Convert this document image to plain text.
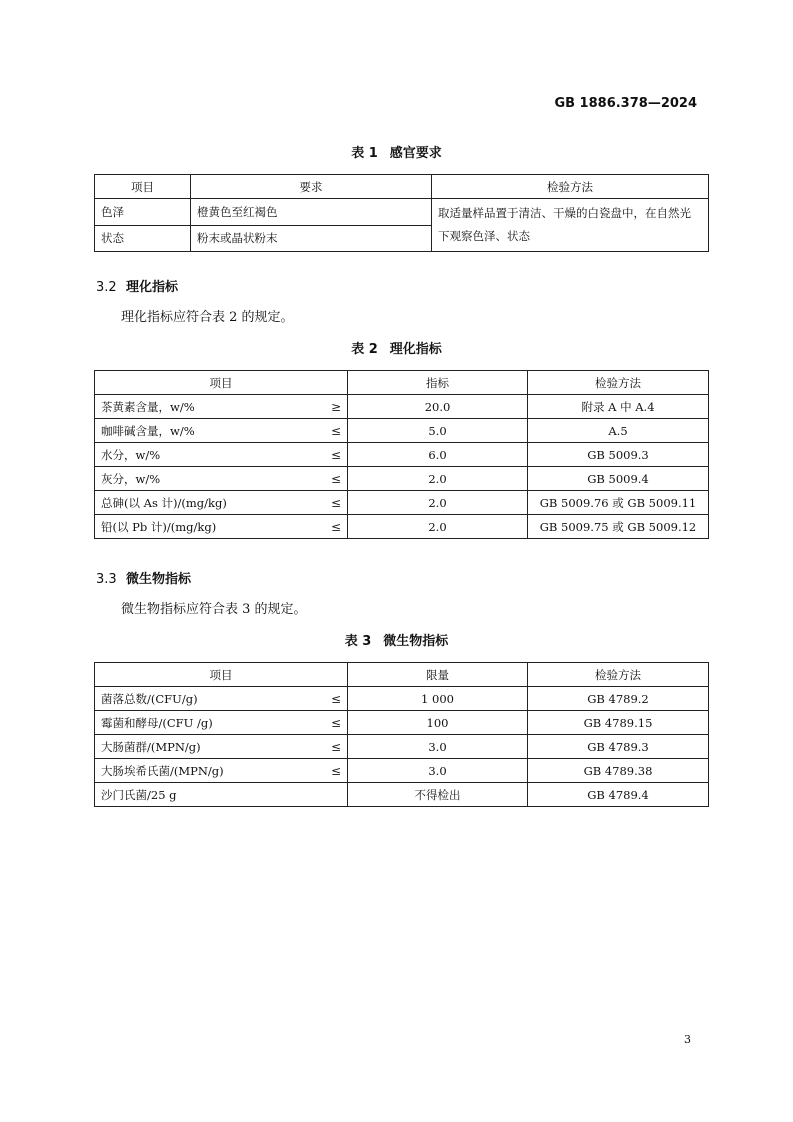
GB 1886.378—2024
表 1 感官要求
项目	要求	检验方法
色泽	橙黄色至红褐色	取适量样品置于清洁、干燥的白瓷盘中，在自然光下观察色泽、状态
状态	粉末或晶状粉末	
3.2 理化指标
理化指标应符合表 2 的规定。
表 2 理化指标
项目	指标	检验方法
茶黄素含量，w/% ≥	20.0	附录 A 中 A.4
咖啡碱含量，w/% ≤	5.0	A.5
水分，w/% ≤	6.0	GB 5009.3
灰分，w/% ≤	2.0	GB 5009.4
总砷(以 As 计)/(mg/kg) ≤	2.0	GB 5009.76 或 GB 5009.11
铅(以 Pb 计)/(mg/kg) ≤	2.0	GB 5009.75 或 GB 5009.12
3.3 微生物指标
微生物指标应符合表 3 的规定。
表 3 微生物指标
项目	限量	检验方法
菌落总数/(CFU/g) ≤	1 000	GB 4789.2
霉菌和酵母/(CFU /g) ≤	100	GB 4789.15
大肠菌群/(MPN/g) ≤	3.0	GB 4789.3
大肠埃希氏菌/(MPN/g) ≤	3.0	GB 4789.38
沙门氏菌/25 g	不得检出	GB 4789.4
3
